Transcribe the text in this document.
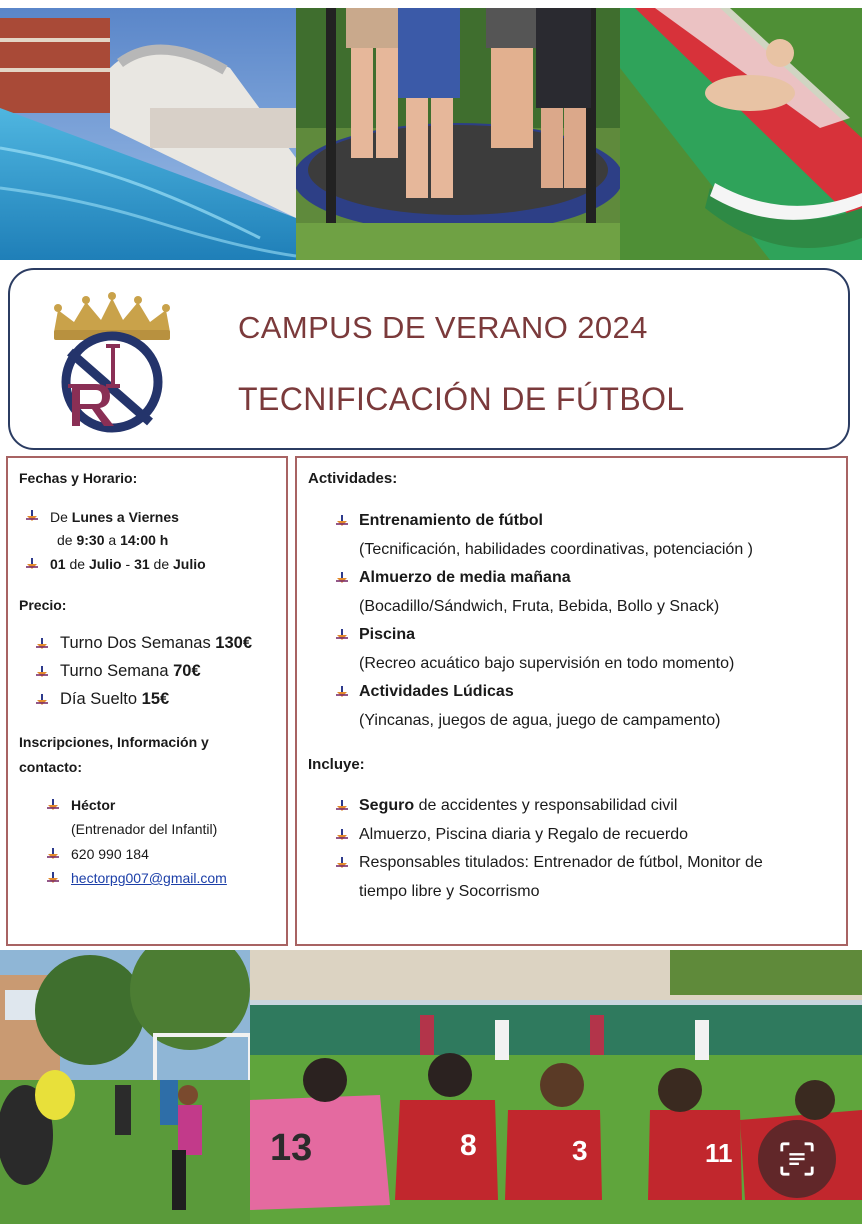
CAMPUS DE VERANO 2024
TECNIFICACIÓN DE FÚTBOL
Fechas y Horario:
De Lunes a Viernes
de 9:30 a 14:00 h
01 de Julio - 31 de Julio
Precio:
Turno Dos Semanas 130€
Turno Semana 70€
Día Suelto 15€
Inscripciones, Información y
contacto:
Héctor
(Entrenador del Infantil)
620 990 184
hectorpg007@gmail.com
Actividades:
Entrenamiento de fútbol
(Tecnificación, habilidades coordinativas, potenciación )
Almuerzo de media mañana
(Bocadillo/Sándwich, Fruta, Bebida, Bollo y Snack)
Piscina
(Recreo acuático bajo supervisión en todo momento)
Actividades Lúdicas
(Yincanas, juegos de agua, juego de campamento)
Incluye:
Seguro de accidentes y responsabilidad civil
Almuerzo, Piscina diaria y Regalo de recuerdo
Responsables titulados: Entrenador de fútbol, Monitor de
tiempo libre y Socorrismo
13	8	3	11
